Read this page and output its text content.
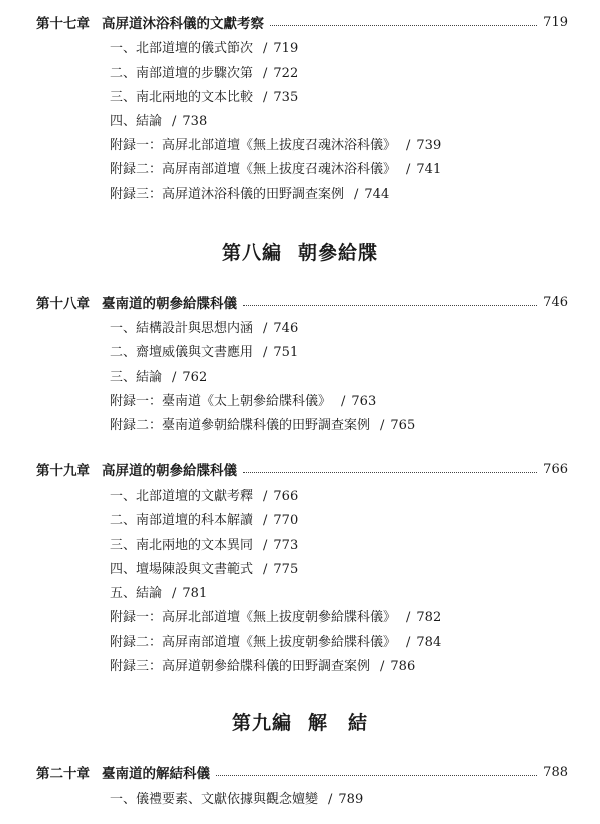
第十七章 高屏道沐浴科儀的文獻考察	719
一、北部道壇的儀式節次 / 719
二、南部道壇的步驟次第 / 722
三、南北兩地的文本比較 / 735
四、結論 / 738
附録一：高屏北部道壇《無上拔度召魂沐浴科儀》 / 739
附録二：高屏南部道壇《無上拔度召魂沐浴科儀》 / 741
附録三：高屏道沐浴科儀的田野調查案例 / 744
第八編 朝參給牒
第十八章 臺南道的朝參給牒科儀	746
一、結構設計與思想内涵 / 746
二、齋壇威儀與文書應用 / 751
三、結論 / 762
附録一：臺南道《太上朝參給牒科儀》 / 763
附録二：臺南道參朝給牒科儀的田野調查案例 / 765
第十九章 高屏道的朝參給牒科儀	766
一、北部道壇的文獻考釋 / 766
二、南部道壇的科本解讀 / 770
三、南北兩地的文本異同 / 773
四、壇場陳設與文書範式 / 775
五、結論 / 781
附録一：高屏北部道壇《無上拔度朝參給牒科儀》 / 782
附録二：高屏南部道壇《無上拔度朝參給牒科儀》 / 784
附録三：高屏道朝參給牒科儀的田野調查案例 / 786
第九編 解　結
第二十章 臺南道的解結科儀	788
一、儀禮要素、文獻依據與觀念嬗變 / 789
